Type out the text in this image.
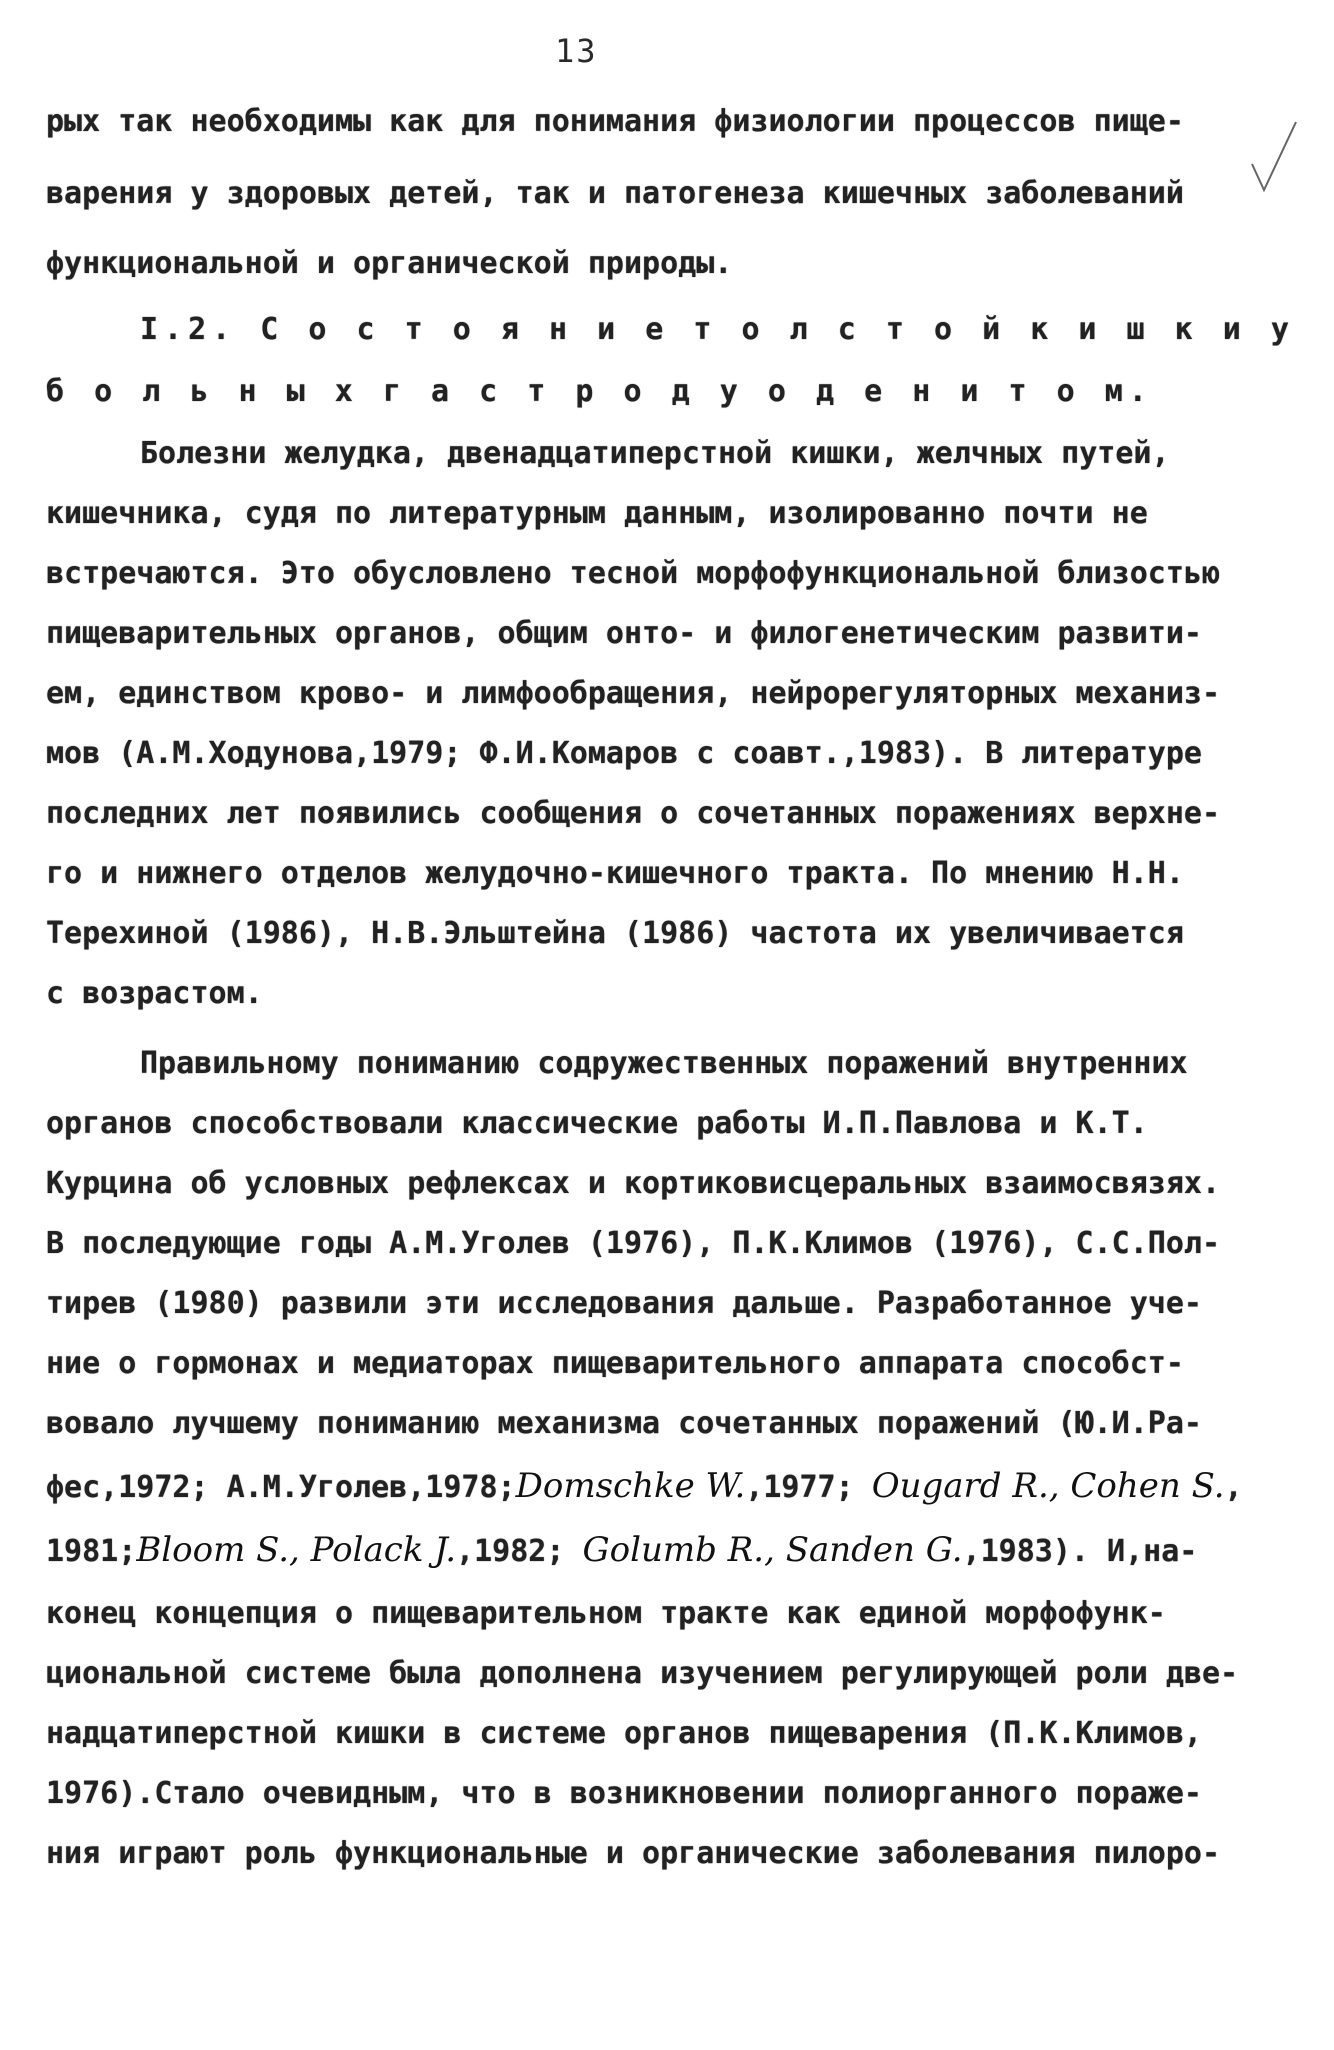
13
рых так необходимы как для понимания физиологии процессов пище-
варения у здоровых детей, так и патогенеза кишечных заболеваний
функциональной и органической природы.
I.2. С о с т о я н и е т о л с т о й к и ш к и у
б о л ь н ы х г а с т р о д у о д е н и т о м.
Болезни желудка, двенадцатиперстной кишки, желчных путей,
кишечника, судя по литературным данным, изолированно почти не
встречаются. Это обусловлено тесной морфофункциональной близостью
пищеварительных органов, общим онто- и филогенетическим развити-
ем, единством крово- и лимфообращения, нейрорегуляторных механиз-
мов (А.М.Ходунова,1979; Ф.И.Комаров с соавт.,1983). В литературе
последних лет появились сообщения о сочетанных поражениях верхне-
го и нижнего отделов желудочно-кишечного тракта. По мнению Н.Н.
Терехиной (1986), Н.В.Эльштейна (1986) частота их увеличивается
с возрастом.
Правильному пониманию содружественных поражений внутренних
органов способствовали классические работы И.П.Павлова и К.Т.
Курцина об условных рефлексах и кортиковисцеральных взаимосвязях.
В последующие годы А.М.Уголев (1976), П.К.Климов (1976), С.С.Пол-
тирев (1980) развили эти исследования дальше. Разработанное уче-
ние о гормонах и медиаторах пищеварительного аппарата способст-
вовало лучшему пониманию механизма сочетанных поражений (Ю.И.Ра-
фес,1972; А.М.Уголев,1978;Domschke W.,1977; Ougard R., Cohen S.,
1981;Bloom S., Polack J.,1982; Golumb R., Sanden G.,1983). И,на-
конец концепция о пищеварительном тракте как единой морфофунк-
циональной системе была дополнена изучением регулирующей роли две-
надцатиперстной кишки в системе органов пищеварения (П.К.Климов,
1976).Стало очевидным, что в возникновении полиорганного пораже-
ния играют роль функциональные и органические заболевания пилоро-
